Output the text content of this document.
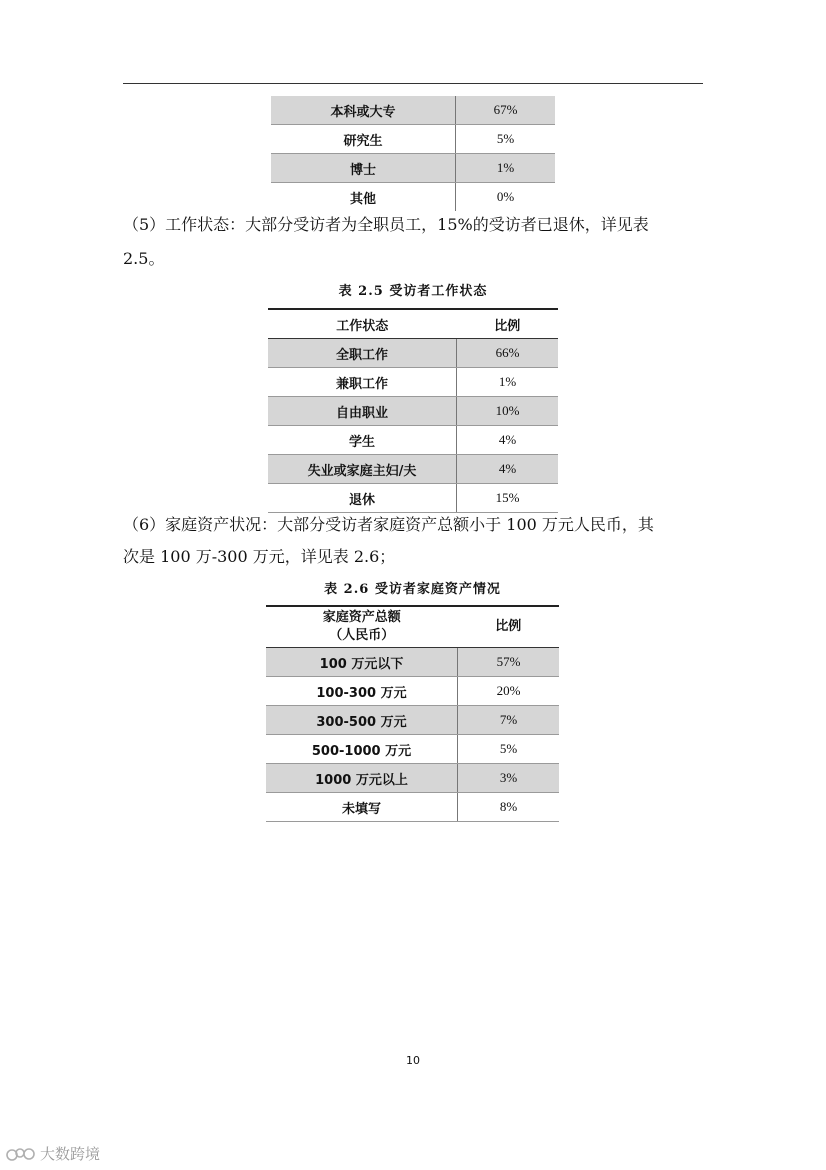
本科或大专	67%
研究生	5%
博士	1%
其他	0%

（5）工作状态：大部分受访者为全职员工，15%的受访者已退休，详见表

2.5。

表 2.5 受访者工作状态
工作状态	比例
全职工作	66%
兼职工作	1%
自由职业	10%
学生	4%
失业或家庭主妇/夫	4%
退休	15%

（6）家庭资产状况：大部分受访者家庭资产总额小于 100 万元人民币，其

次是 100 万-300 万元，详见表 2.6；

表 2.6 受访者家庭资产情况
家庭资产总额
（人民币）	比例
100 万元以下	57%
100-300 万元	20%
300-500 万元	7%
500-1000 万元	5%
1000 万元以上	3%
未填写	8%
10
大数跨境
